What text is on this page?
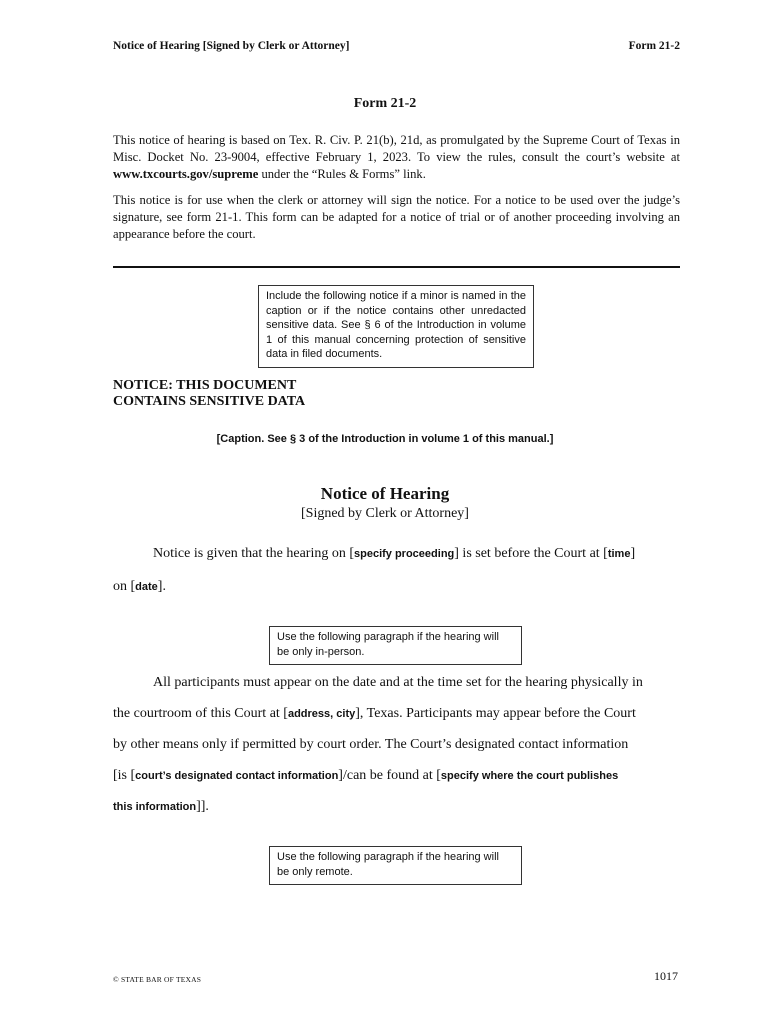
Notice of Hearing [Signed by Clerk or Attorney]	Form 21-2
Form 21-2

This notice of hearing is based on Tex. R. Civ. P. 21(b), 21d, as promulgated by the Supreme Court of Texas in Misc. Docket No. 23-9004, effective February 1, 2023. To view the rules, consult the court’s website at www.txcourts.gov/supreme under the “Rules & Forms” link.

This notice is for use when the clerk or attorney will sign the notice. For a notice to be used over the judge’s signature, see form 21-1. This form can be adapted for a notice of trial or of another proceeding involving an appearance before the court.

Include the following notice if a minor is named in the caption or if the notice contains other unredacted sensitive data. See § 6 of the Introduction in volume 1 of this manual concerning protection of sensitive data in filed documents.
NOTICE: THIS DOCUMENT
CONTAINS SENSITIVE DATA
[Caption. See § 3 of the Introduction in volume 1 of this manual.]
Notice of Hearing
[Signed by Clerk or Attorney]
Notice is given that the hearing on [specify proceeding] is set before the Court at [time]
on [date].
Use the following paragraph if the hearing will be only in-person.
All participants must appear on the date and at the time set for the hearing physically in
the courtroom of this Court at [address, city], Texas. Participants may appear before the Court
by other means only if permitted by court order. The Court’s designated contact information
[is [court’s designated contact information]/can be found at [specify where the court publishes
this information]].
Use the following paragraph if the hearing will be only remote.
© STATE BAR OF TEXAS	1017
